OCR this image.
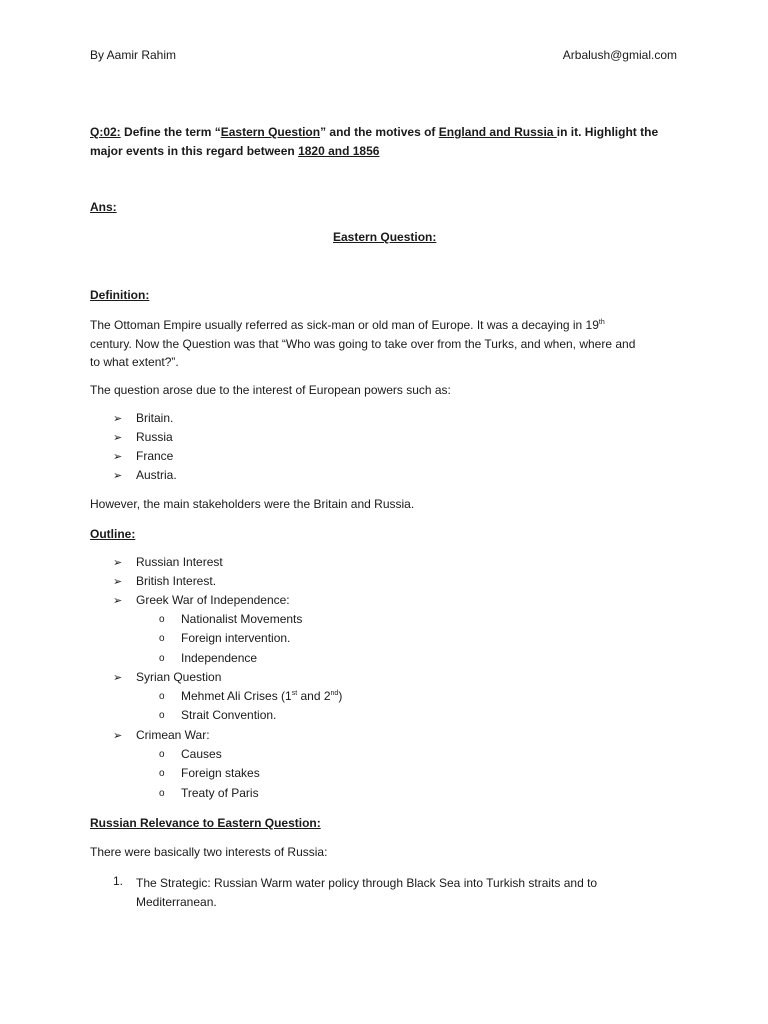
By Aamir Rahim	Arbalush@gmial.com
Q:02: Define the term “Eastern Question” and the motives of England and Russia in it. Highlight the
major events in this regard between 1820 and 1856
Ans:
Eastern Question:
Definition:
The Ottoman Empire usually referred as sick-man or old man of Europe. It was a decaying in 19th
century. Now the Question was that “Who was going to take over from the Turks, and when, where and
to what extent?”.
The question arose due to the interest of European powers such as:
➢ Britain.
➢ Russia
➢ France
➢ Austria.
However, the main stakeholders were the Britain and Russia.
Outline:
➢ Russian Interest
➢ British Interest.
➢ Greek War of Independence:
o Nationalist Movements
o Foreign intervention.
o Independence
➢ Syrian Question
o Mehmet Ali Crises (1st and 2nd)
o Strait Convention.
➢ Crimean War:
o Causes
o Foreign stakes
o Treaty of Paris
Russian Relevance to Eastern Question:
There were basically two interests of Russia:
1. The Strategic: Russian Warm water policy through Black Sea into Turkish straits and to
Mediterranean.
